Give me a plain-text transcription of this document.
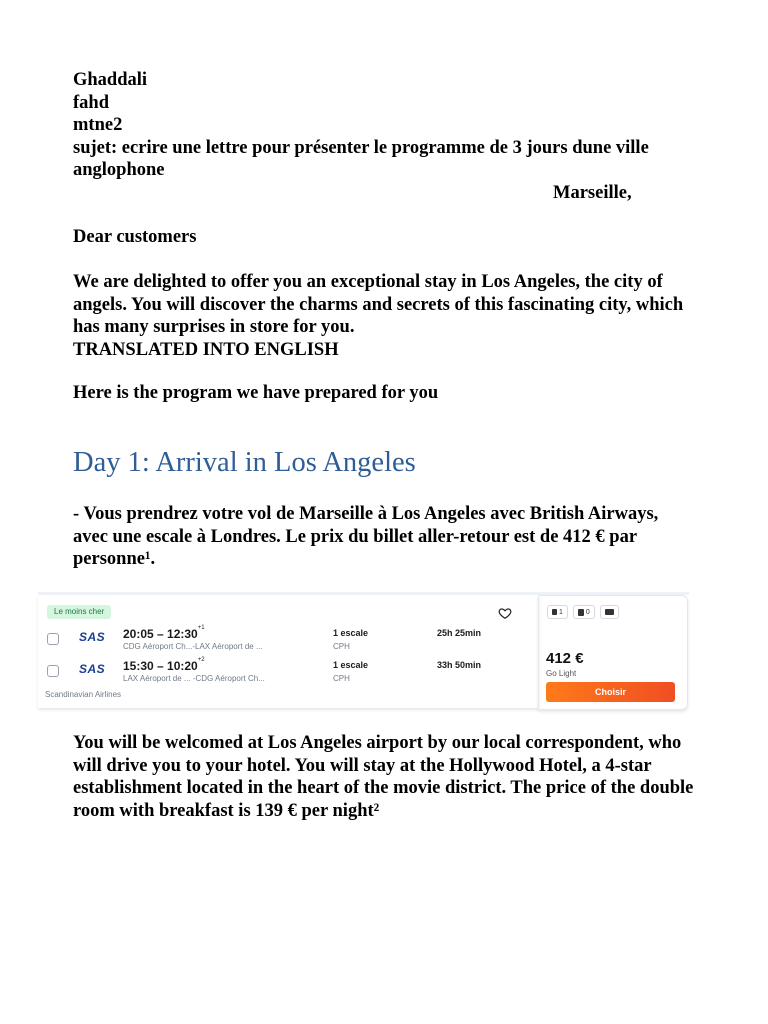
Ghaddali

fahd

mtne2

sujet: ecrire une lettre pour présenter le programme de 3 jours dune ville anglophone

Marseille,

Dear customers

We are delighted to offer you an exceptional stay in Los Angeles, the city of angels. You will discover the charms and secrets of this fascinating city, which has many surprises in store for you.

TRANSLATED INTO ENGLISH

Here is the program we have prepared for you

Day 1: Arrival in Los Angeles

- Vous prendrez votre vol de Marseille à Los Angeles avec British Airways, avec une escale à Londres. Le prix du billet aller-retour est de 412 € par personne¹.

Le moins cher
SAS 20:05 – $12:30^{+1}$
CDG Aéroport Ch...-LAX Aéroport de ...
1 escale
CPH
25h 25min
SAS 15:30 – $10:20^{+2}$
LAX Aéroport de ... -CDG Aéroport Ch...
1 escale
CPH
33h 50min
Scandinavian Airlines
1	0
412 €
Go Light
Choisir

You will be welcomed at Los Angeles airport by our local correspondent, who will drive you to your hotel. You will stay at the Hollywood Hotel, a 4-star establishment located in the heart of the movie district. The price of the double room with breakfast is 139 € per night²
